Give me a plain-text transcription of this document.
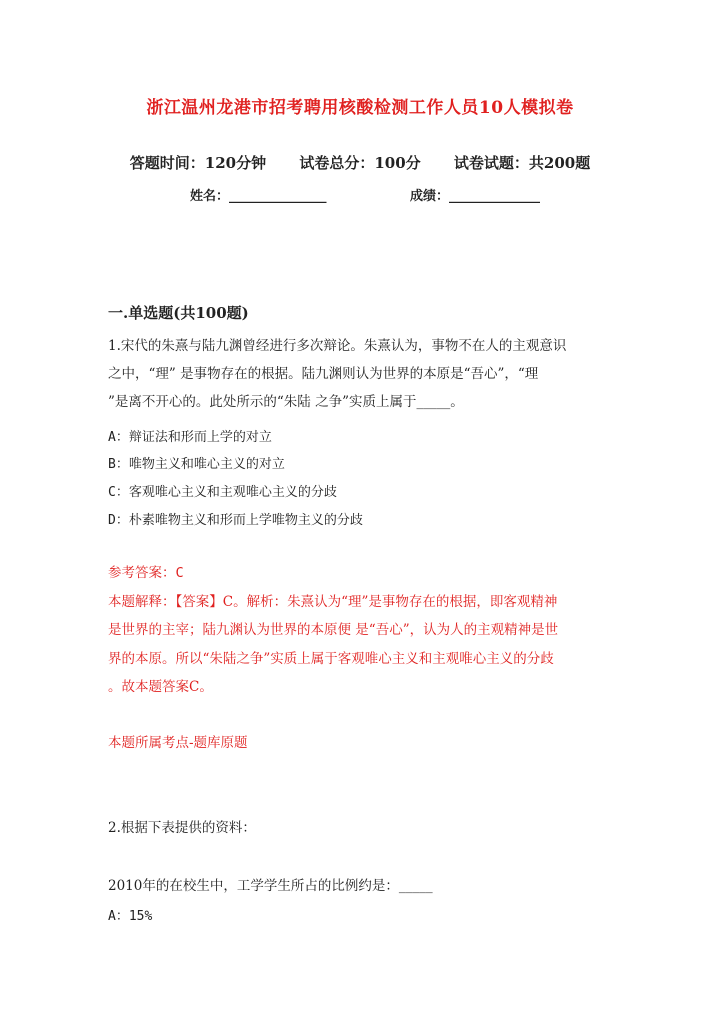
浙江温州龙港市招考聘用核酸检测工作人员10人模拟卷
答题时间：120分钟 试卷总分：100分 试卷试题：共200题
姓名：_______________	成绩：______________
一.单选题(共100题)
1.宋代的朱熹与陆九渊曾经进行多次辩论。朱熹认为，事物不在人的主观意识
之中，“理” 是事物存在的根据。陆九渊则认为世界的本原是“吾心”，“理
”是离不开心的。此处所示的“朱陆 之争”实质上属于_____。
A：辩证法和形而上学的对立
B：唯物主义和唯心主义的对立
C：客观唯心主义和主观唯心主义的分歧
D：朴素唯物主义和形而上学唯物主义的分歧
参考答案：C
本题解释：【答案】C。解析：朱熹认为“理”是事物存在的根据，即客观精神
是世界的主宰；陆九渊认为世界的本原便 是“吾心”，认为人的主观精神是世
界的本原。所以“朱陆之争”实质上属于客观唯心主义和主观唯心主义的分歧
。故本题答案C。
本题所属考点-题库原题
2.根据下表提供的资料：
2010年的在校生中，工学学生所占的比例约是：_____
A：15%
